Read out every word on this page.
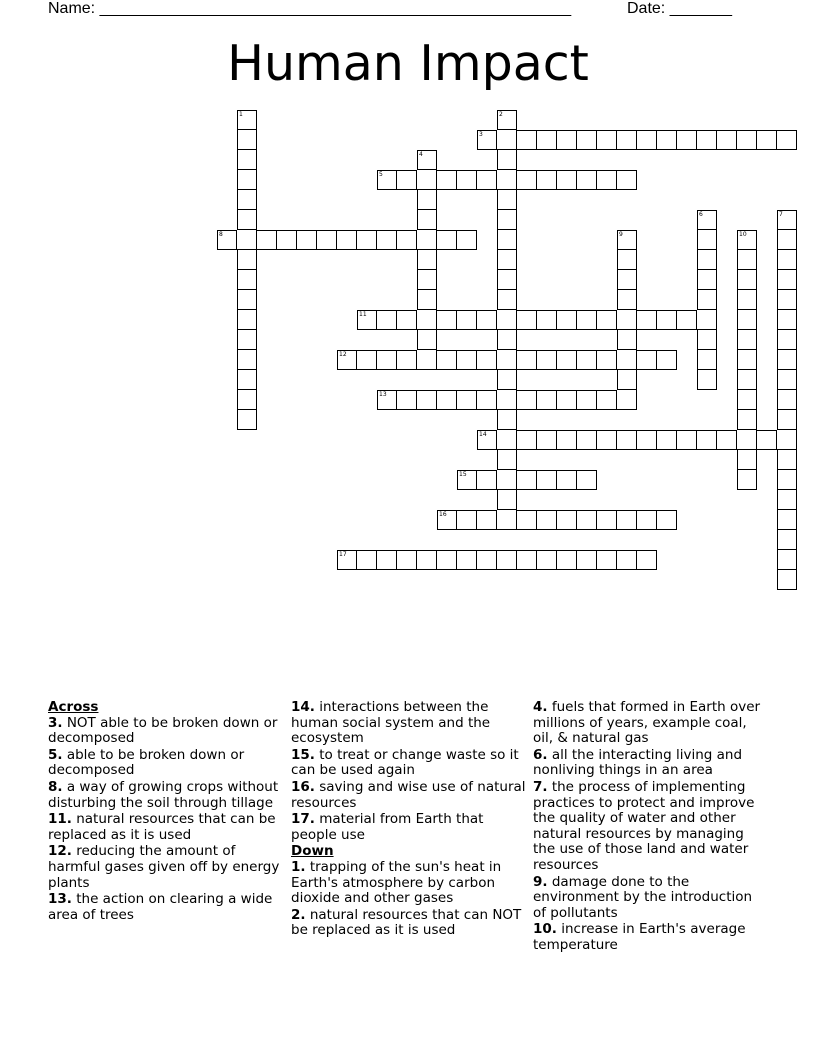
Name: _____________________________________________________	Date: _______
Human Impact
1	2
3
4
5
6	7
8	9	10
11
12
13
14
15
16
17
Across
3. NOT able to be broken down or decomposed
5. able to be broken down or decomposed
8. a way of growing crops without disturbing the soil through tillage
11. natural resources that can be replaced as it is used
12. reducing the amount of harmful gases given off by energy plants
13. the action on clearing a wide area of trees
14. interactions between the human social system and the ecosystem
15. to treat or change waste so it can be used again
16. saving and wise use of natural resources
17. material from Earth that people use
Down
1. trapping of the sun's heat in Earth's atmosphere by carbon dioxide and other gases
2. natural resources that can NOT be replaced as it is used
4. fuels that formed in Earth over millions of years, example coal, oil, & natural gas
6. all the interacting living and nonliving things in an area
7. the process of implementing practices to protect and improve the quality of water and other natural resources by managing the use of those land and water resources
9. damage done to the environment by the introduction of pollutants
10. increase in Earth's average temperature
